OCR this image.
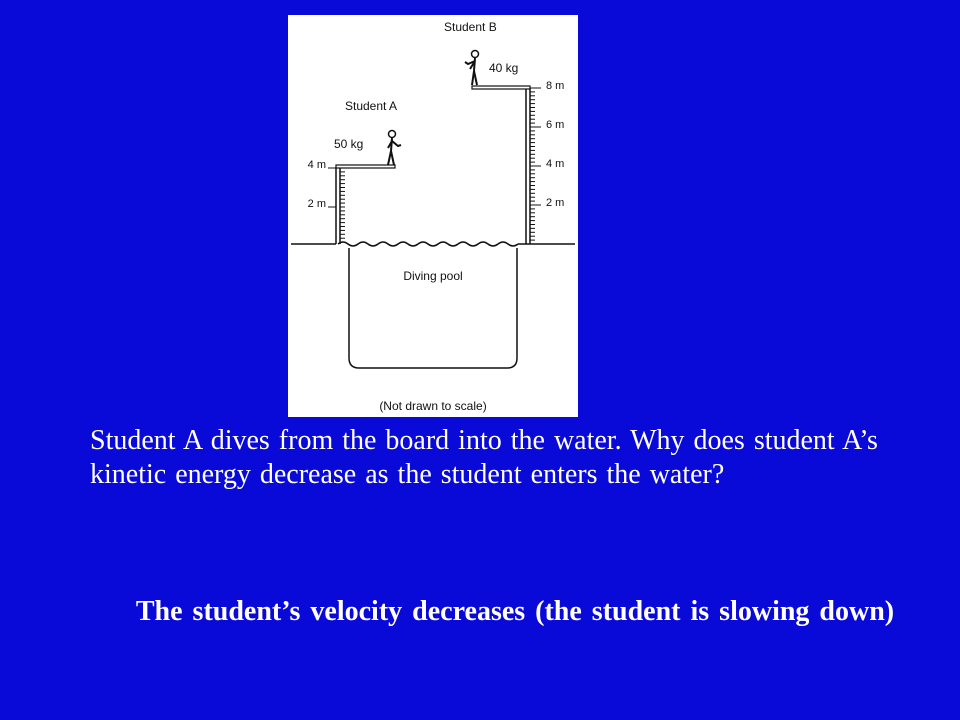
Diving pool
4 m
2 m
8 m
6 m
4 m
2 m
50 kg
Student A
40 kg
Student B
(Not drawn to scale)

Student A dives from the board into the water. Why does student A’s kinetic energy decrease as the student enters the water?

The student’s velocity decreases (the student is slowing down)
